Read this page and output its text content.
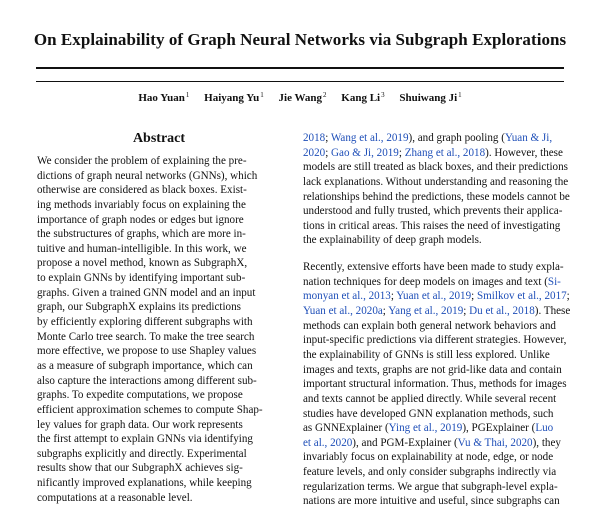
On Explainability of Graph Neural Networks via Subgraph Explorations
Hao Yuan$^1$ Haiyang Yu$^1$ Jie Wang$^2$ Kang Li$^3$ Shuiwang Ji$^1$
Abstract
We consider the problem of explaining the pre-
dictions of graph neural networks (GNNs), which
otherwise are considered as black boxes. Exist-
ing methods invariably focus on explaining the
importance of graph nodes or edges but ignore
the substructures of graphs, which are more in-
tuitive and human-intelligible. In this work, we
propose a novel method, known as SubgraphX,
to explain GNNs by identifying important sub-
graphs. Given a trained GNN model and an input
graph, our SubgraphX explains its predictions
by efficiently exploring different subgraphs with
Monte Carlo tree search. To make the tree search
more effective, we propose to use Shapley values
as a measure of subgraph importance, which can
also capture the interactions among different sub-
graphs. To expedite computations, we propose
efficient approximation schemes to compute Shap-
ley values for graph data. Our work represents
the first attempt to explain GNNs via identifying
subgraphs explicitly and directly. Experimental
results show that our SubgraphX achieves sig-
nificantly improved explanations, while keeping
computations at a reasonable level.
2018; Wang et al., 2019), and graph pooling (Yuan & Ji,
2020; Gao & Ji, 2019; Zhang et al., 2018). However, these
models are still treated as black boxes, and their predictions
lack explanations. Without understanding and reasoning the
relationships behind the predictions, these models cannot be
understood and fully trusted, which prevents their applica-
tions in critical areas. This raises the need of investigating
the explainability of deep graph models.
Recently, extensive efforts have been made to study expla-
nation techniques for deep models on images and text (Si-
monyan et al., 2013; Yuan et al., 2019; Smilkov et al., 2017;
Yuan et al., 2020a; Yang et al., 2019; Du et al., 2018). These
methods can explain both general network behaviors and
input-specific predictions via different strategies. However,
the explainability of GNNs is still less explored. Unlike
images and texts, graphs are not grid-like data and contain
important structural information. Thus, methods for images
and texts cannot be applied directly. While several recent
studies have developed GNN explanation methods, such
as GNNExplainer (Ying et al., 2019), PGExplainer (Luo
et al., 2020), and PGM-Explainer (Vu & Thai, 2020), they
invariably focus on explainability at node, edge, or node
feature levels, and only consider subgraphs indirectly via
regularization terms. We argue that subgraph-level expla-
nations are more intuitive and useful, since subgraphs can
